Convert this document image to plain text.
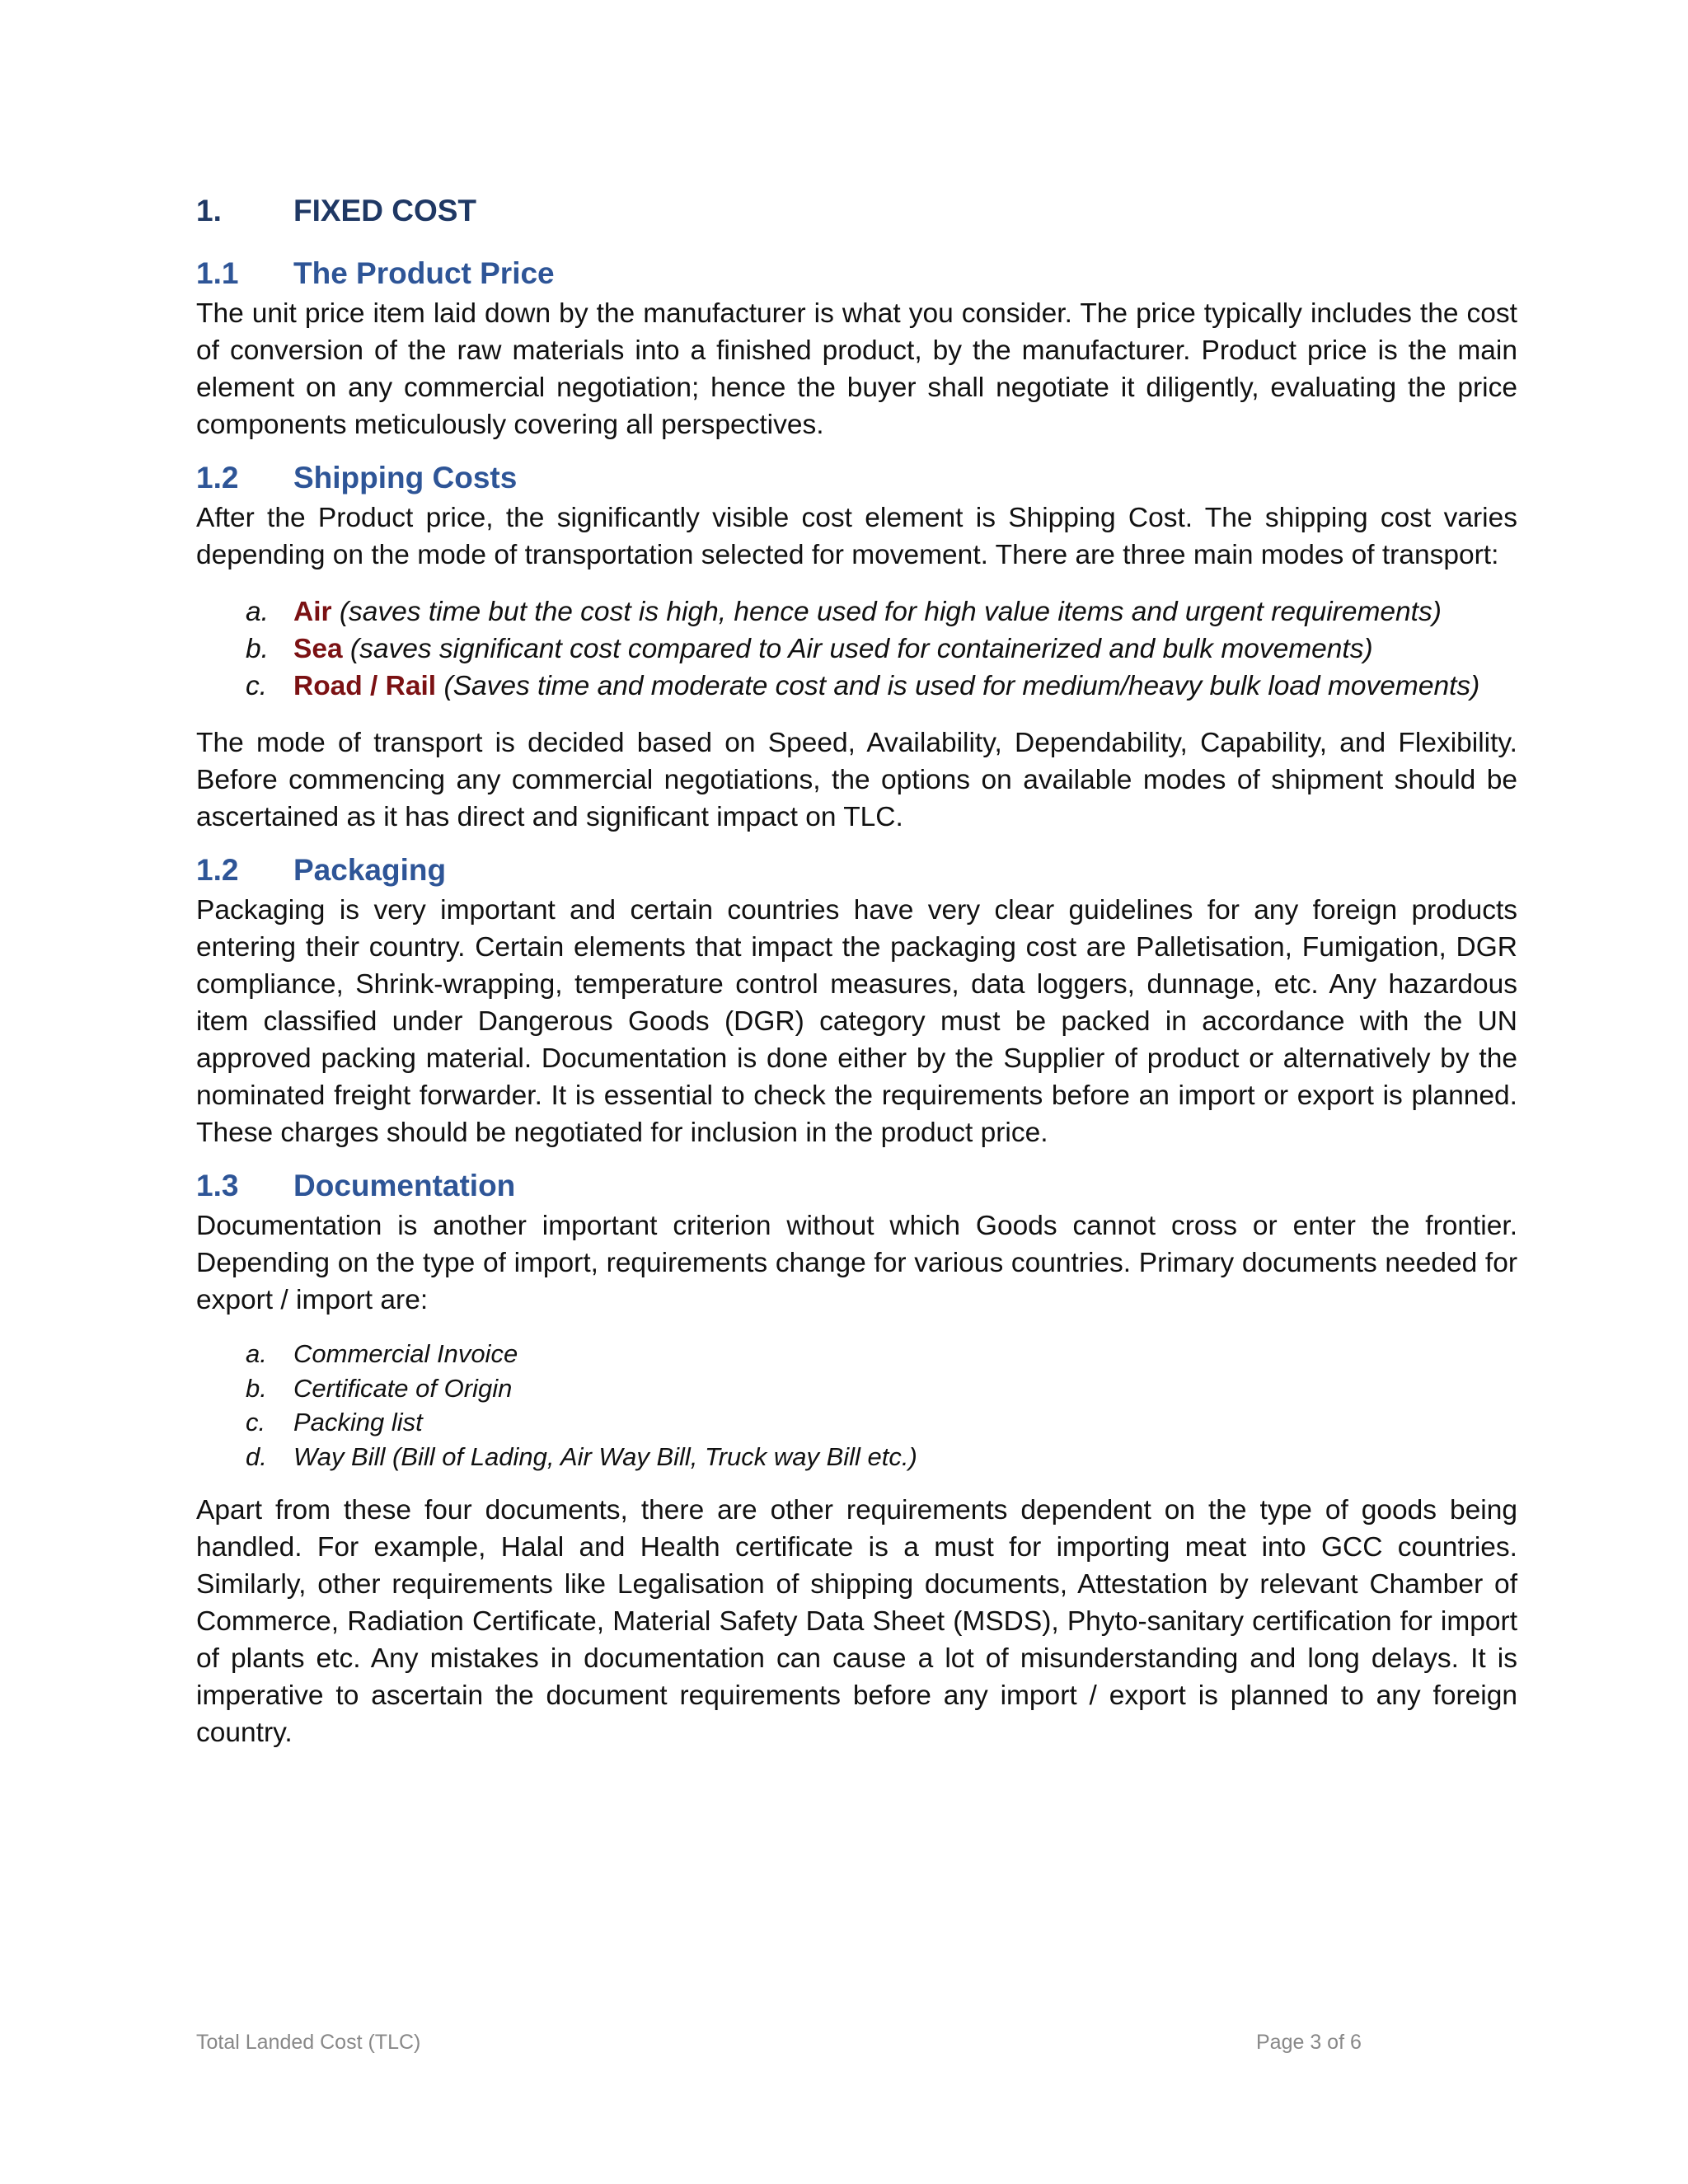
1. FIXED COST
1.1 The Product Price

The unit price item laid down by the manufacturer is what you consider. The price typically includes the cost of conversion of the raw materials into a finished product, by the manufacturer. Product price is the main element on any commercial negotiation; hence the buyer shall negotiate it diligently, evaluating the price components meticulously covering all perspectives.

1.2 Shipping Costs

After the Product price, the significantly visible cost element is Shipping Cost. The shipping cost varies depending on the mode of transportation selected for movement. There are three main modes of transport:

a. Air (saves time but the cost is high, hence used for high value items and urgent requirements)
b. Sea (saves significant cost compared to Air used for containerized and bulk movements)
c. Road / Rail (Saves time and moderate cost and is used for medium/heavy bulk load movements)

The mode of transport is decided based on Speed, Availability, Dependability, Capability, and Flexibility. Before commencing any commercial negotiations, the options on available modes of shipment should be ascertained as it has direct and significant impact on TLC.

1.2 Packaging

Packaging is very important and certain countries have very clear guidelines for any foreign products entering their country. Certain elements that impact the packaging cost are Palletisation, Fumigation, DGR compliance, Shrink-wrapping, temperature control measures, data loggers, dunnage, etc. Any hazardous item classified under Dangerous Goods (DGR) category must be packed in accordance with the UN approved packing material. Documentation is done either by the Supplier of product or alternatively by the nominated freight forwarder. It is essential to check the requirements before an import or export is planned. These charges should be negotiated for inclusion in the product price.

1.3 Documentation

Documentation is another important criterion without which Goods cannot cross or enter the frontier. Depending on the type of import, requirements change for various countries. Primary documents needed for export / import are:

a. Commercial Invoice
b. Certificate of Origin
c. Packing list
d. Way Bill (Bill of Lading, Air Way Bill, Truck way Bill etc.)

Apart from these four documents, there are other requirements dependent on the type of goods being handled. For example, Halal and Health certificate is a must for importing meat into GCC countries. Similarly, other requirements like Legalisation of shipping documents, Attestation by relevant Chamber of Commerce, Radiation Certificate, Material Safety Data Sheet (MSDS), Phyto-sanitary certification for import of plants etc. Any mistakes in documentation can cause a lot of misunderstanding and long delays. It is imperative to ascertain the document requirements before any import / export is planned to any foreign country.

Total Landed Cost (TLC)	Page 3 of 6
